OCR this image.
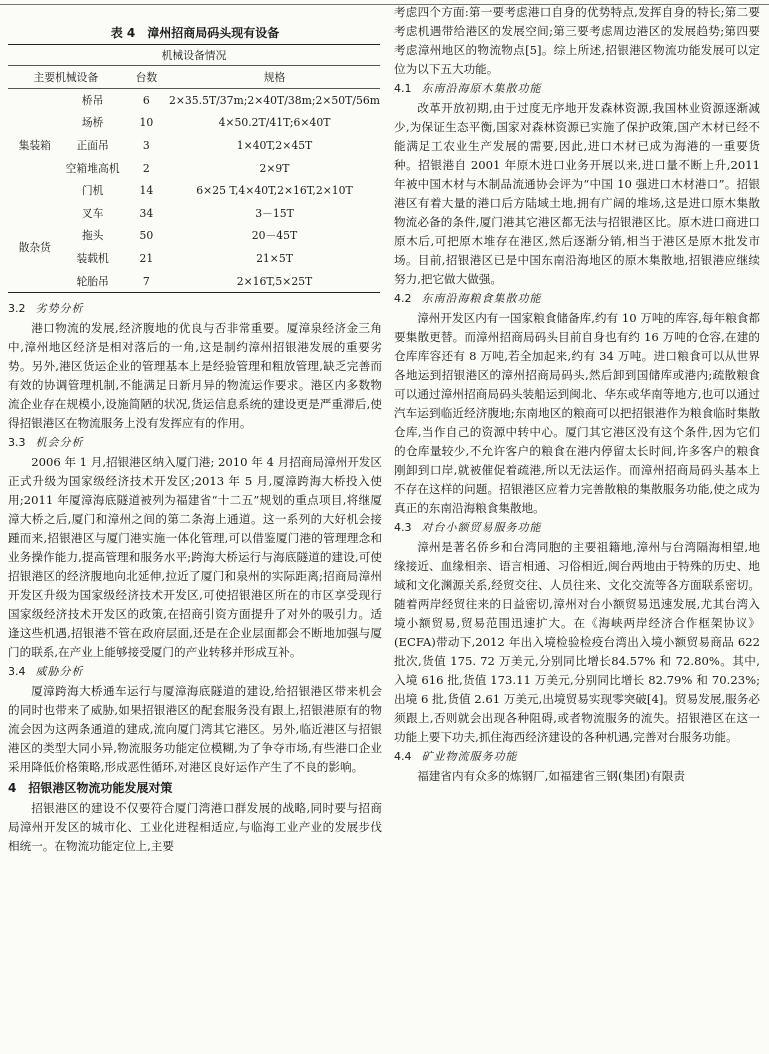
表 4　漳州招商局码头现有设备
机械设备情况			
主要机械设备		台数	规格
集装箱	桥吊	6	2×35.5T/37m;2×40T/38m;2×50T/56m
	场桥	10	4×50.2T/41T;6×40T
	正面吊	3	1×40T,2×45T
	空箱堆高机	2	2×9T
	门机	14	6×25 T,4×40T,2×16T,2×10T
散杂货	叉车	34	3－15T
	拖头	50	20－45T
	装载机	21	21×5T
	轮胎吊	7	2×16T,5×25T
3.2 劣势分析

港口物流的发展,经济腹地的优良与否非常重要。厦漳泉经济金三角中,漳州地区经济是相对落后的一角,这是制约漳州招银港发展的重要劣势。另外,港区货运企业的管理基本上是经验管理和粗放管理,缺乏完善而有效的协调管理机制,不能满足日新月异的物流运作要求。港区内多数物流企业存在规模小,设施简陋的状况,货运信息系统的建设更是严重滞后,使得招银港区在物流服务上没有发挥应有的作用。

3.3 机会分析

2006 年 1 月,招银港区纳入厦门港; 2010 年 4 月招商局漳州开发区正式升级为国家级经济技术开发区;2013 年 5 月,厦漳跨海大桥投入使用;2011 年厦漳海底隧道被列为福建省“十二五”规划的重点项目,将继厦漳大桥之后,厦门和漳州之间的第二条海上通道。这一系列的大好机会接踵而来,招银港区与厦门港实施一体化管理,可以借鉴厦门港的管理理念和业务操作能力,提高管理和服务水平;跨海大桥运行与海底隧道的建设,可使招银港区的经济腹地向北延伸,拉近了厦门和泉州的实际距离;招商局漳州开发区升级为国家级经济技术开发区,可使招银港区所在的市区享受现行国家级经济技术开发区的政策,在招商引资方面提升了对外的吸引力。适逢这些机遇,招银港不管在政府层面,还是在企业层面都会不断地加强与厦门的联系,在产业上能够接受厦门的产业转移并形成互补。

3.4 威胁分析

厦漳跨海大桥通车运行与厦漳海底隧道的建设,给招银港区带来机会的同时也带来了威胁,如果招银港区的配套服务没有跟上,招银港原有的物流会因为这两条通道的建成,流向厦门湾其它港区。另外,临近港区与招银港区的类型大同小异,物流服务功能定位模糊,为了争夺市场,有些港口企业采用降低价格策略,形成恶性循环,对港区良好运作产生了不良的影响。

4 招银港区物流功能发展对策

招银港区的建设不仅要符合厦门湾港口群发展的战略,同时要与招商局漳州开发区的城市化、工业化进程相适应,与临海工业产业的发展步伐相统一。在物流功能定位上,主要

考虑四个方面:第一要考虑港口自身的优势特点,发挥自身的特长;第二要考虑机遇带给港区的发展空间;第三要考虑周边港区的发展趋势;第四要考虑漳州地区的物流物点[5]。综上所述,招银港区物流功能发展可以定位为以下五大功能。

4.1 东南沿海原木集散功能

改革开放初期,由于过度无序地开发森林资源,我国林业资源逐渐减少,为保证生态平衡,国家对森林资源已实施了保护政策,国产木材已经不能满足工农业生产发展的需要,因此,进口木材已成为海港的一重要货种。招银港自 2001 年原木进口业务开展以来,进口量不断上升,2011 年被中国木材与木制品流通协会评为“中国 10 强进口木材港口”。招银港区有着大量的港口后方陆域土地,拥有广阔的堆场,这是进口原木集散物流必备的条件,厦门港其它港区都无法与招银港区比。原木进口商进口原木后,可把原木堆存在港区,然后逐渐分销,相当于港区是原木批发市场。目前,招银港区已是中国东南沿海地区的原木集散地,招银港应继续努力,把它做大做强。

4.2 东南沿海粮食集散功能

漳州开发区内有一国家粮食储备库,约有 10 万吨的库容,每年粮食都要集散更替。而漳州招商局码头目前自身也有约 16 万吨的仓容,在建的仓库库容还有 8 万吨,若全加起来,约有 34 万吨。进口粮食可以从世界各地运到招银港区的漳州招商局码头,然后卸到国储库或港内;疏散粮食可以通过漳州招商局码头装船运到闽北、华东或华南等地方,也可以通过汽车运到临近经济腹地;东南地区的粮商可以把招银港作为粮食临时集散仓库,当作自己的资源中转中心。厦门其它港区没有这个条件,因为它们的仓库量较少,不允许客户的粮食在港内停留太长时间,许多客户的粮食刚卸到口岸,就被催促着疏港,所以无法运作。而漳州招商局码头基本上不存在这样的问题。招银港区应着力完善散粮的集散服务功能,使之成为真正的东南沿海粮食集散地。

4.3 对台小额贸易服务功能

漳州是著名侨乡和台湾同胞的主要祖籍地,漳州与台湾隔海相望,地缘接近、血缘相亲、语言相通、习俗相近,闽台两地由于特殊的历史、地域和文化渊源关系,经贸交往、人员往来、文化交流等各方面联系密切。随着两岸经贸往来的日益密切,漳州对台小额贸易迅速发展,尤其台湾入境小额贸易,贸易范围迅速扩大。在《海峡两岸经济合作框架协议》(ECFA)带动下,2012 年出入境检验检疫台湾出入境小额贸易商品 622 批次,货值 175. 72 万美元,分别同比增长84.57% 和 72.80%。其中,入境 616 批,货值 173.11 万美元,分别同比增长 82.79% 和 70.23%;出境 6 批,货值 2.61 万美元,出境贸易实现零突破[4]。贸易发展,服务必须跟上,否则就会出现各种阻碍,或者物流服务的流失。招银港区在这一功能上要下功夫,抓住海西经济建设的各种机遇,完善对台服务功能。

4.4 矿业物流服务功能

福建省内有众多的炼钢厂,如福建省三钢(集团)有限责
